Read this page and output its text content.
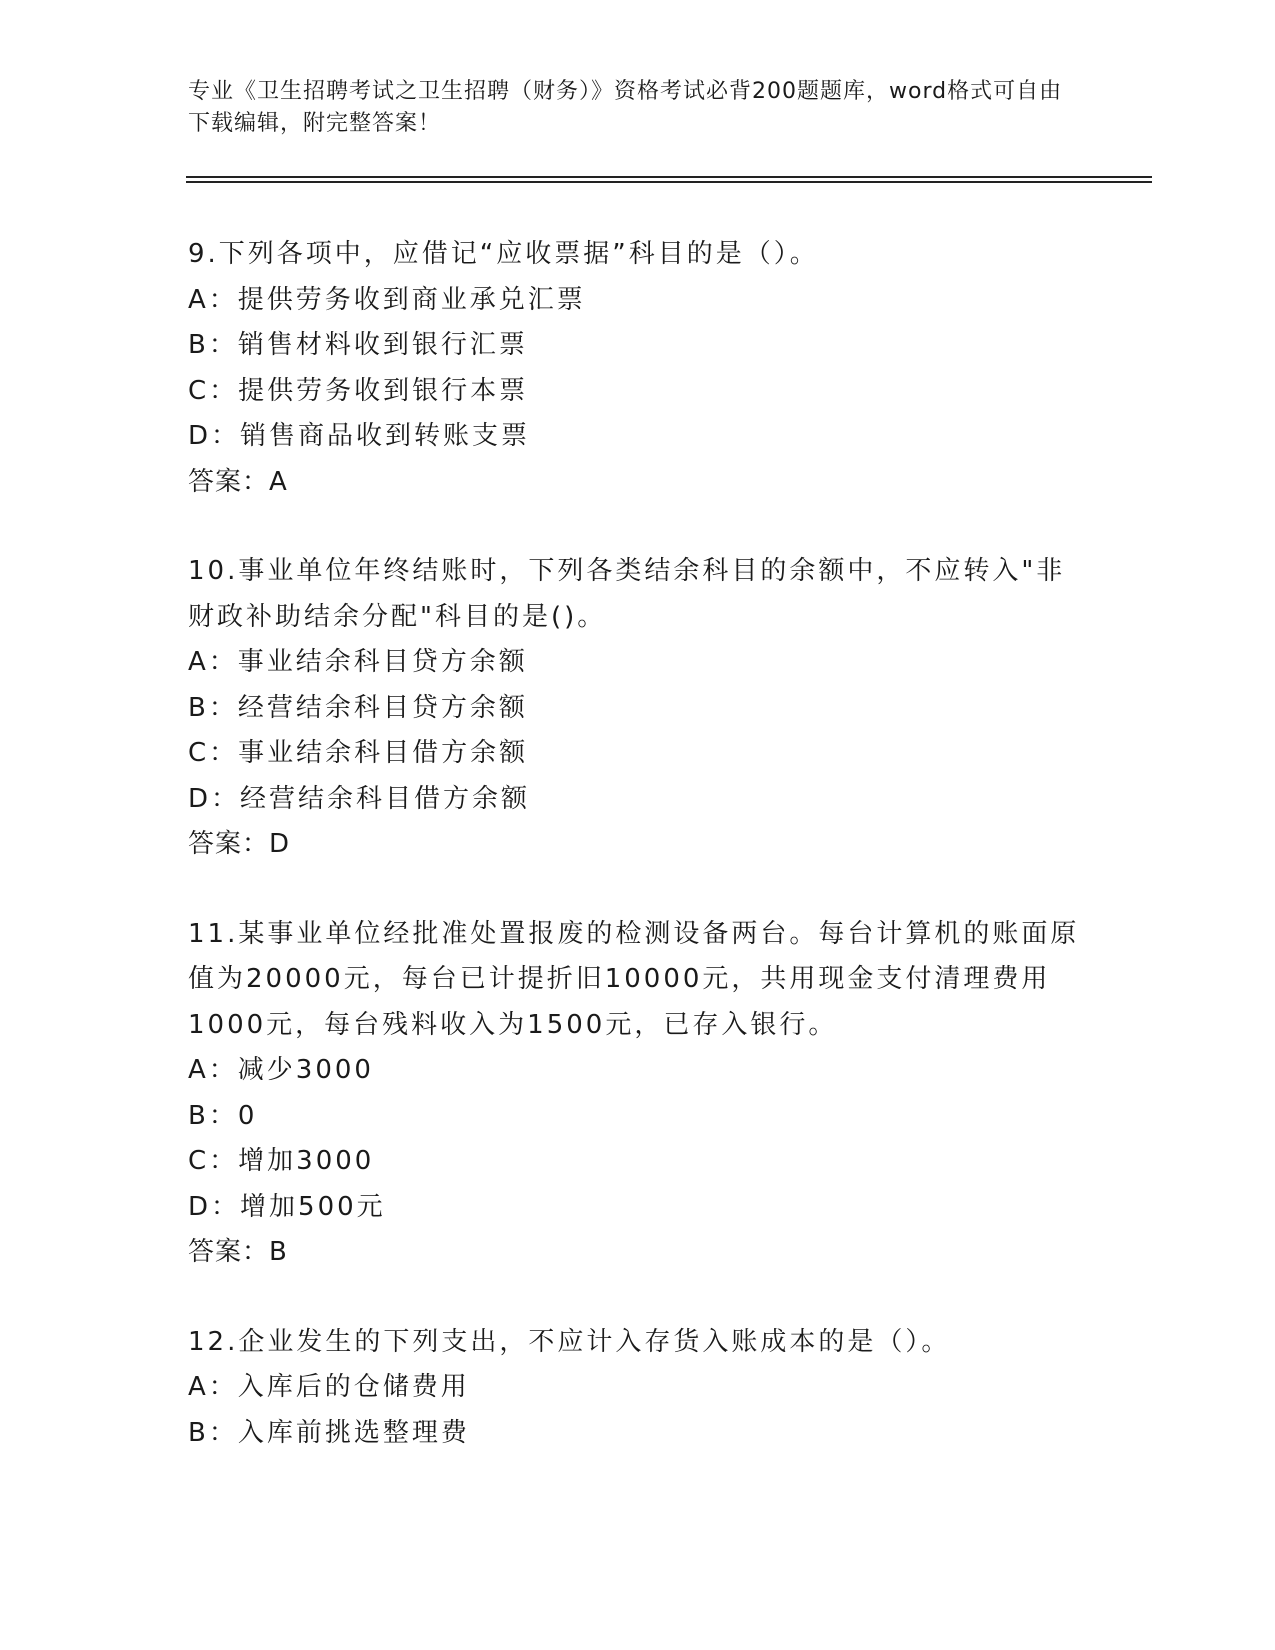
专业《卫生招聘考试之卫生招聘（财务）》资格考试必背200题题库，word格式可自由下载编辑，附完整答案！
9.下列各项中，应借记“应收票据”科目的是（）。
A：提供劳务收到商业承兑汇票
B：销售材料收到银行汇票
C：提供劳务收到银行本票
D：销售商品收到转账支票
答案：A
10.事业单位年终结账时，下列各类结余科目的余额中，不应转入"非财政补助结余分配"科目的是()。
A：事业结余科目贷方余额
B：经营结余科目贷方余额
C：事业结余科目借方余额
D：经营结余科目借方余额
答案：D
11.某事业单位经批准处置报废的检测设备两台。每台计算机的账面原值为20000元，每台已计提折旧10000元，共用现金支付清理费用1000元，每台残料收入为1500元，已存入银行。
A：减少3000
B：0
C：增加3000
D：增加500元
答案：B
12.企业发生的下列支出，不应计入存货入账成本的是（）。
A：入库后的仓储费用
B：入库前挑选整理费
